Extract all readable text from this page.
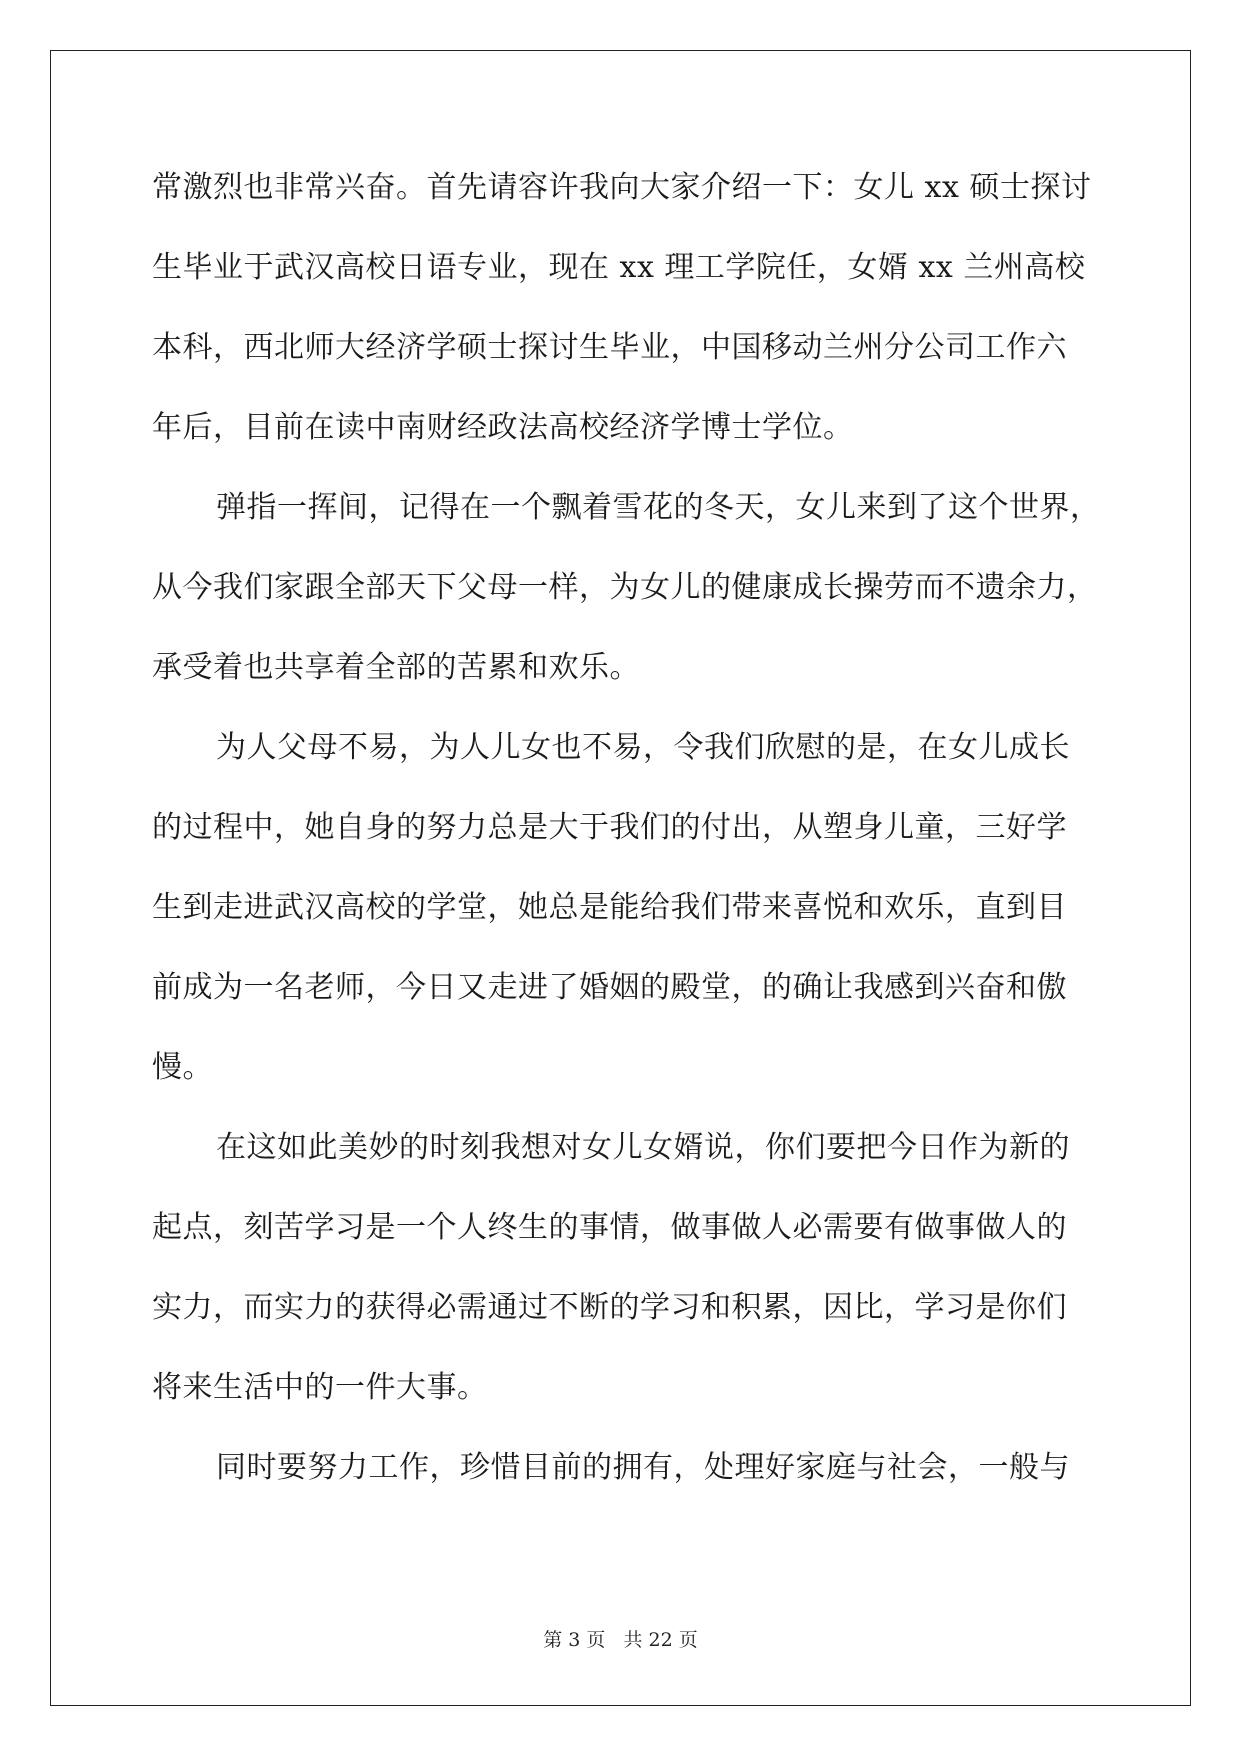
常激烈也非常兴奋。首先请容许我向大家介绍一下：女儿 xx 硕士探讨
生毕业于武汉高校日语专业，现在 xx 理工学院任，女婿 xx 兰州高校
本科，西北师大经济学硕士探讨生毕业，中国移动兰州分公司工作六
年后，目前在读中南财经政法高校经济学博士学位。
弹指一挥间，记得在一个飘着雪花的冬天，女儿来到了这个世界，
从今我们家跟全部天下父母一样，为女儿的健康成长操劳而不遗余力，
承受着也共享着全部的苦累和欢乐。
为人父母不易，为人儿女也不易，令我们欣慰的是，在女儿成长
的过程中，她自身的努力总是大于我们的付出，从塑身儿童，三好学
生到走进武汉高校的学堂，她总是能给我们带来喜悦和欢乐，直到目
前成为一名老师，今日又走进了婚姻的殿堂，的确让我感到兴奋和傲
慢。
在这如此美妙的时刻我想对女儿女婿说，你们要把今日作为新的
起点，刻苦学习是一个人终生的事情，做事做人必需要有做事做人的
实力，而实力的获得必需通过不断的学习和积累，因比，学习是你们
将来生活中的一件大事。
同时要努力工作，珍惜目前的拥有，处理好家庭与社会，一般与
第 3 页 共 22 页
